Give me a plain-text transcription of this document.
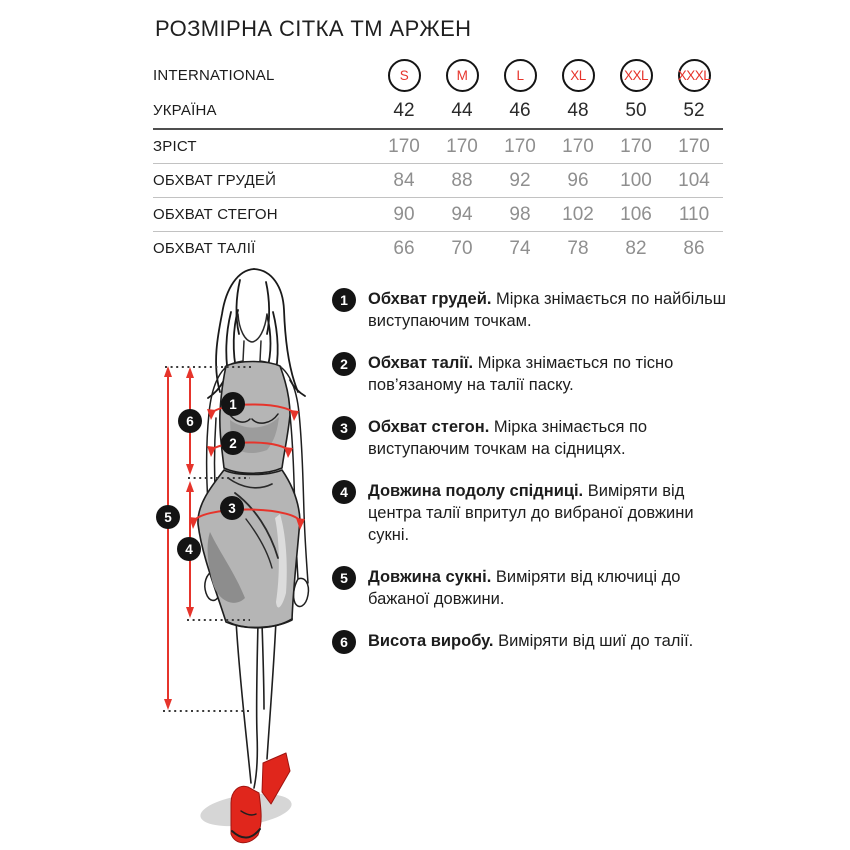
РОЗМІРНА СІТКА ТМ АРЖЕН
INTERNATIONAL	S	M	L	XL	XXL	XXXL
УКРАЇНА	42 44 46 48 50 52
ЗРІСТ	170 170 170 170 170 170
ОБХВАТ ГРУДЕЙ	84 88 92 96 100 104
ОБХВАТ СТЕГОН	90 94 98 102 106 110
ОБХВАТ ТАЛІЇ	66 70 74 78 82 86
1
2
3
4
5
6
1	Обхват грудей. Мірка знімається по найбільш виступаючим точкам.

2	Обхват талії. Мірка знімається по тісно пов’язаному на талії паску.

3	Обхват стегон. Мірка знімається по виступаючим точкам на сідницях.

4	Довжина подолу спідниці. Виміряти від центра талії впритул до вибраної довжини сукні.

5	Довжина сукні. Виміряти від ключиці до бажаної довжини.

6	Висота виробу. Виміряти від шиї до талії.
